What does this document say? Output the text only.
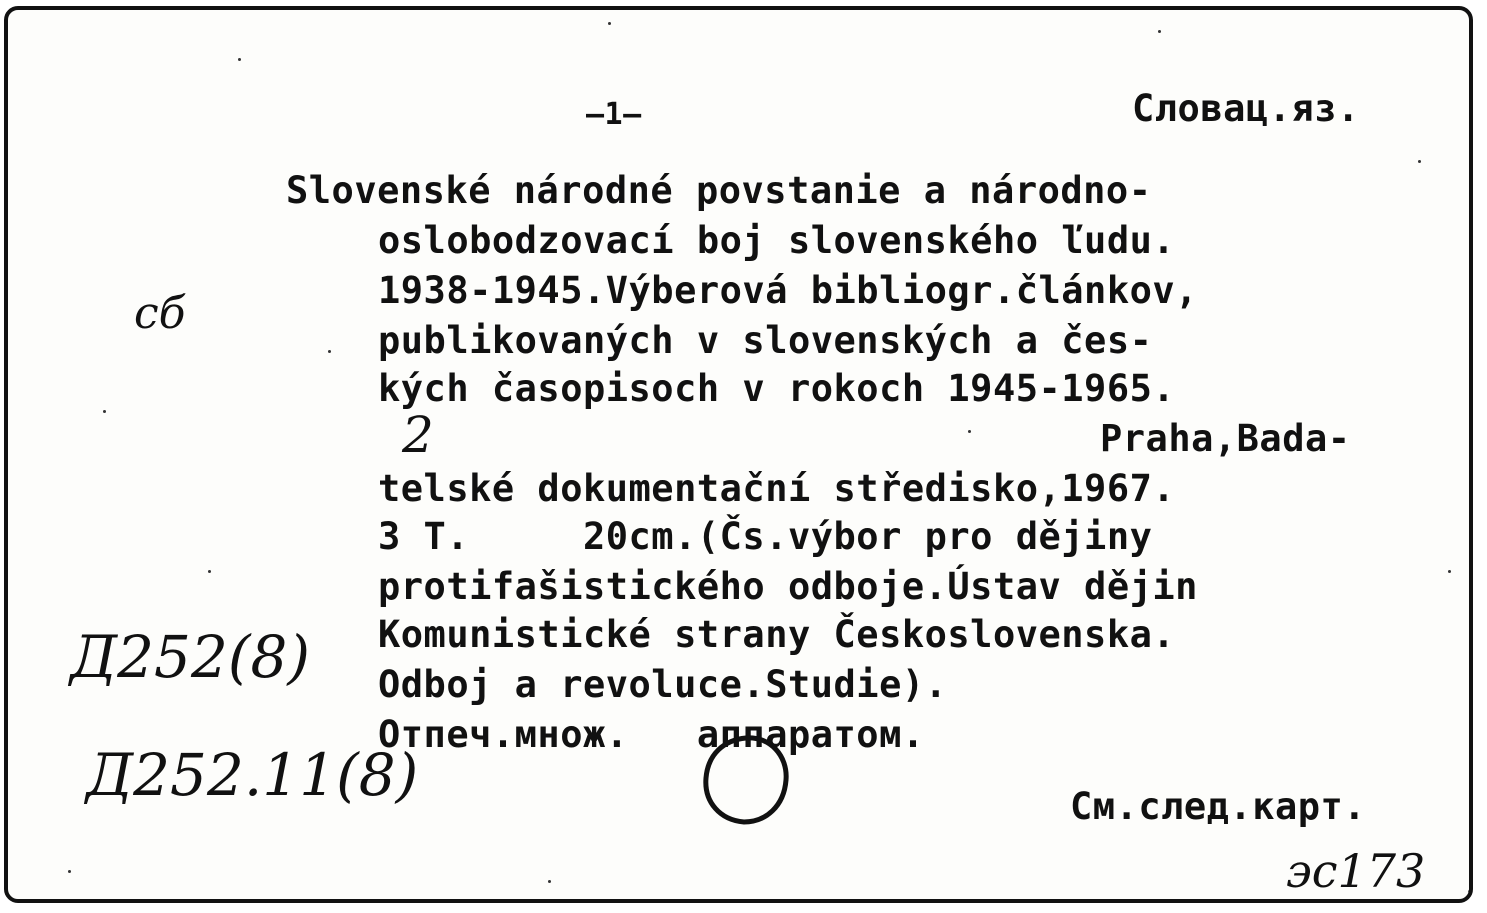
—1—	Словац.яз.
Slovenské národné povstanie a národno-
oslobodzovací boj slovenského ľudu.
1938-1945.Výberová bibliogr.článkov,
publikovaných v slovenských a čes-
kých časopisoch v rokoch 1945-1965.
Praha,Bada-
telské dokumentační středisko,1967.
3 T.     20cm.(Čs.výbor pro dějiny
protifašistického odboje.Ústav dějin
Komunistické strany Československa.
Odboj a revoluce.Studie).
Отпеч.множ.   аппаратом.
См.след.карт.
сб
2
Д252(8)
Д252.11(8)
эс173
